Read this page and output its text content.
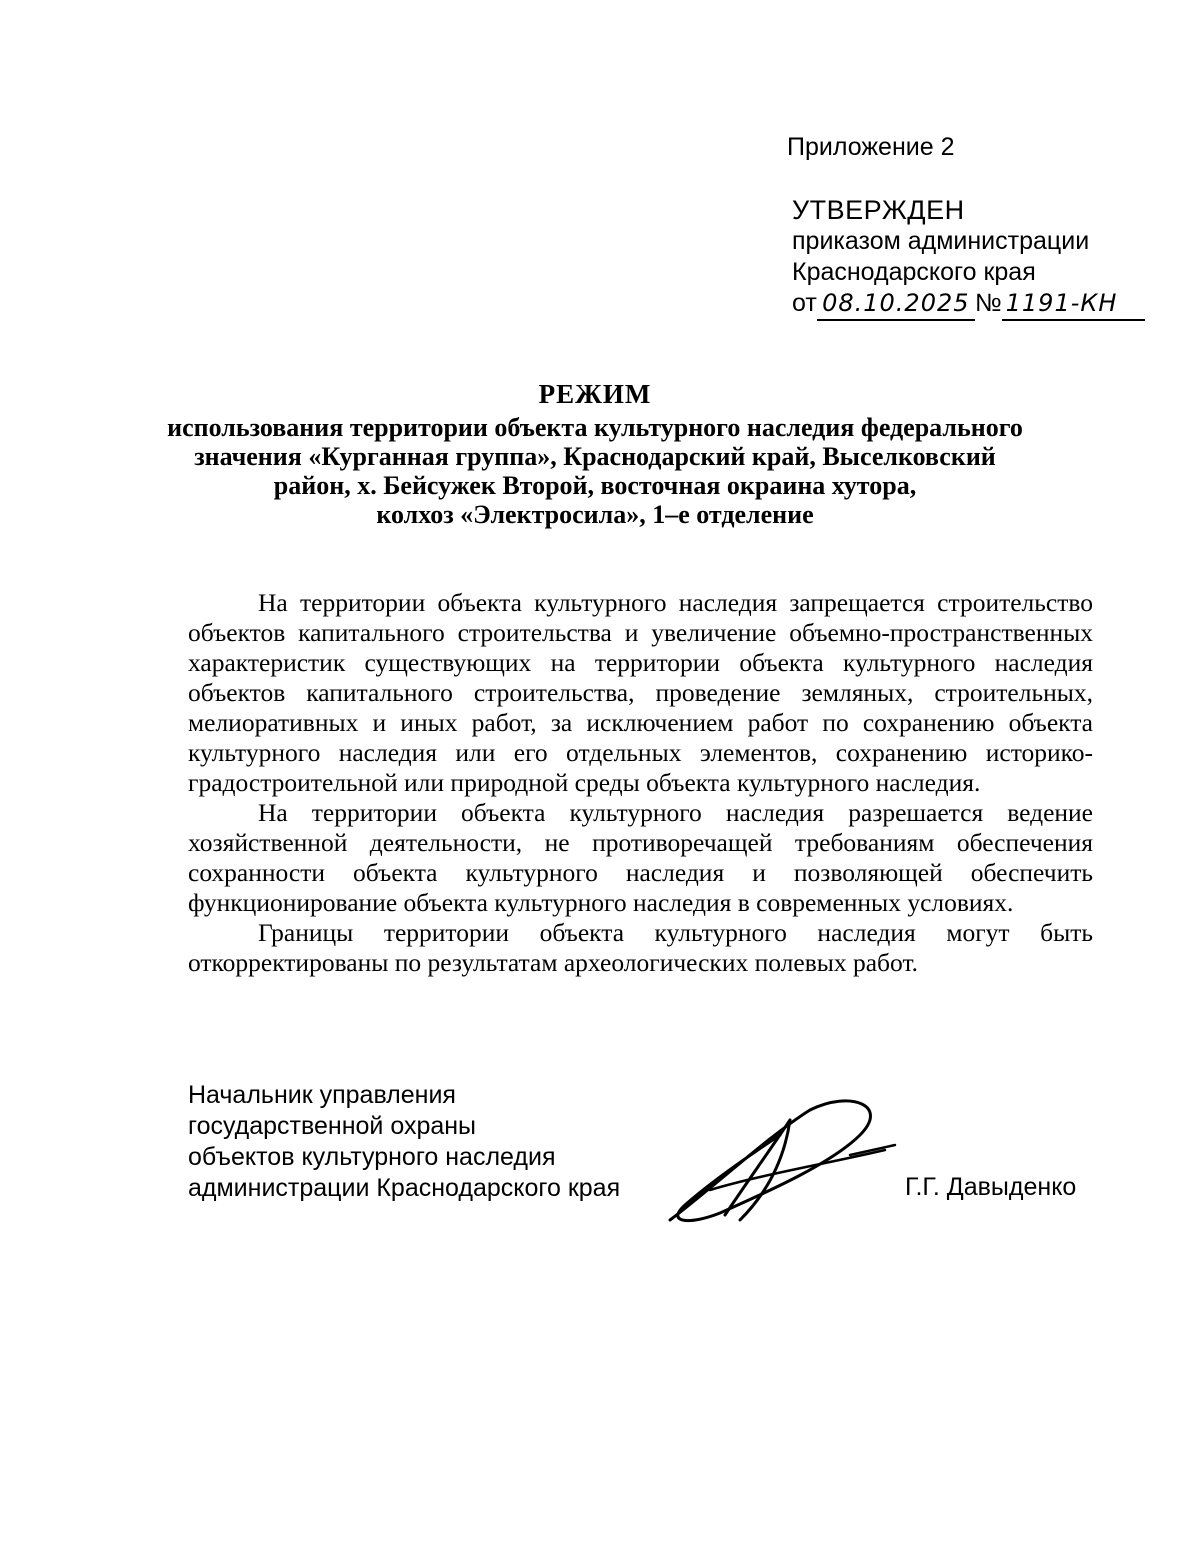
Приложение 2
УТВЕРЖДЕН
приказом администрации
Краснодарского края
от 08.10.2025 № 1191-КН
РЕЖИМ
использования территории объекта культурного наследия федерального
значения «Курганная группа», Краснодарский край, Выселковский
район, х. Бейсужек Второй, восточная окраина хутора,
колхоз «Электросила», 1–е отделение

На территории объекта культурного наследия запрещается строительство объектов капитального строительства и увеличение объемно-пространственных характеристик существующих на территории объекта культурного наследия объектов капитального строительства, проведение земляных, строительных, мелиоративных и иных работ, за исключением работ по сохранению объекта культурного наследия или его отдельных элементов, сохранению историко-градостроительной или природной среды объекта культурного наследия.

На территории объекта культурного наследия разрешается ведение хозяйственной деятельности, не противоречащей требованиям обеспечения сохранности объекта культурного наследия и позволяющей обеспечить функционирование объекта культурного наследия в современных условиях.

Границы территории объекта культурного наследия могут быть откорректированы по результатам археологических полевых работ.

Начальник управления
государственной охраны
объектов культурного наследия
администрации Краснодарского края	Г.Г. Давыденко
